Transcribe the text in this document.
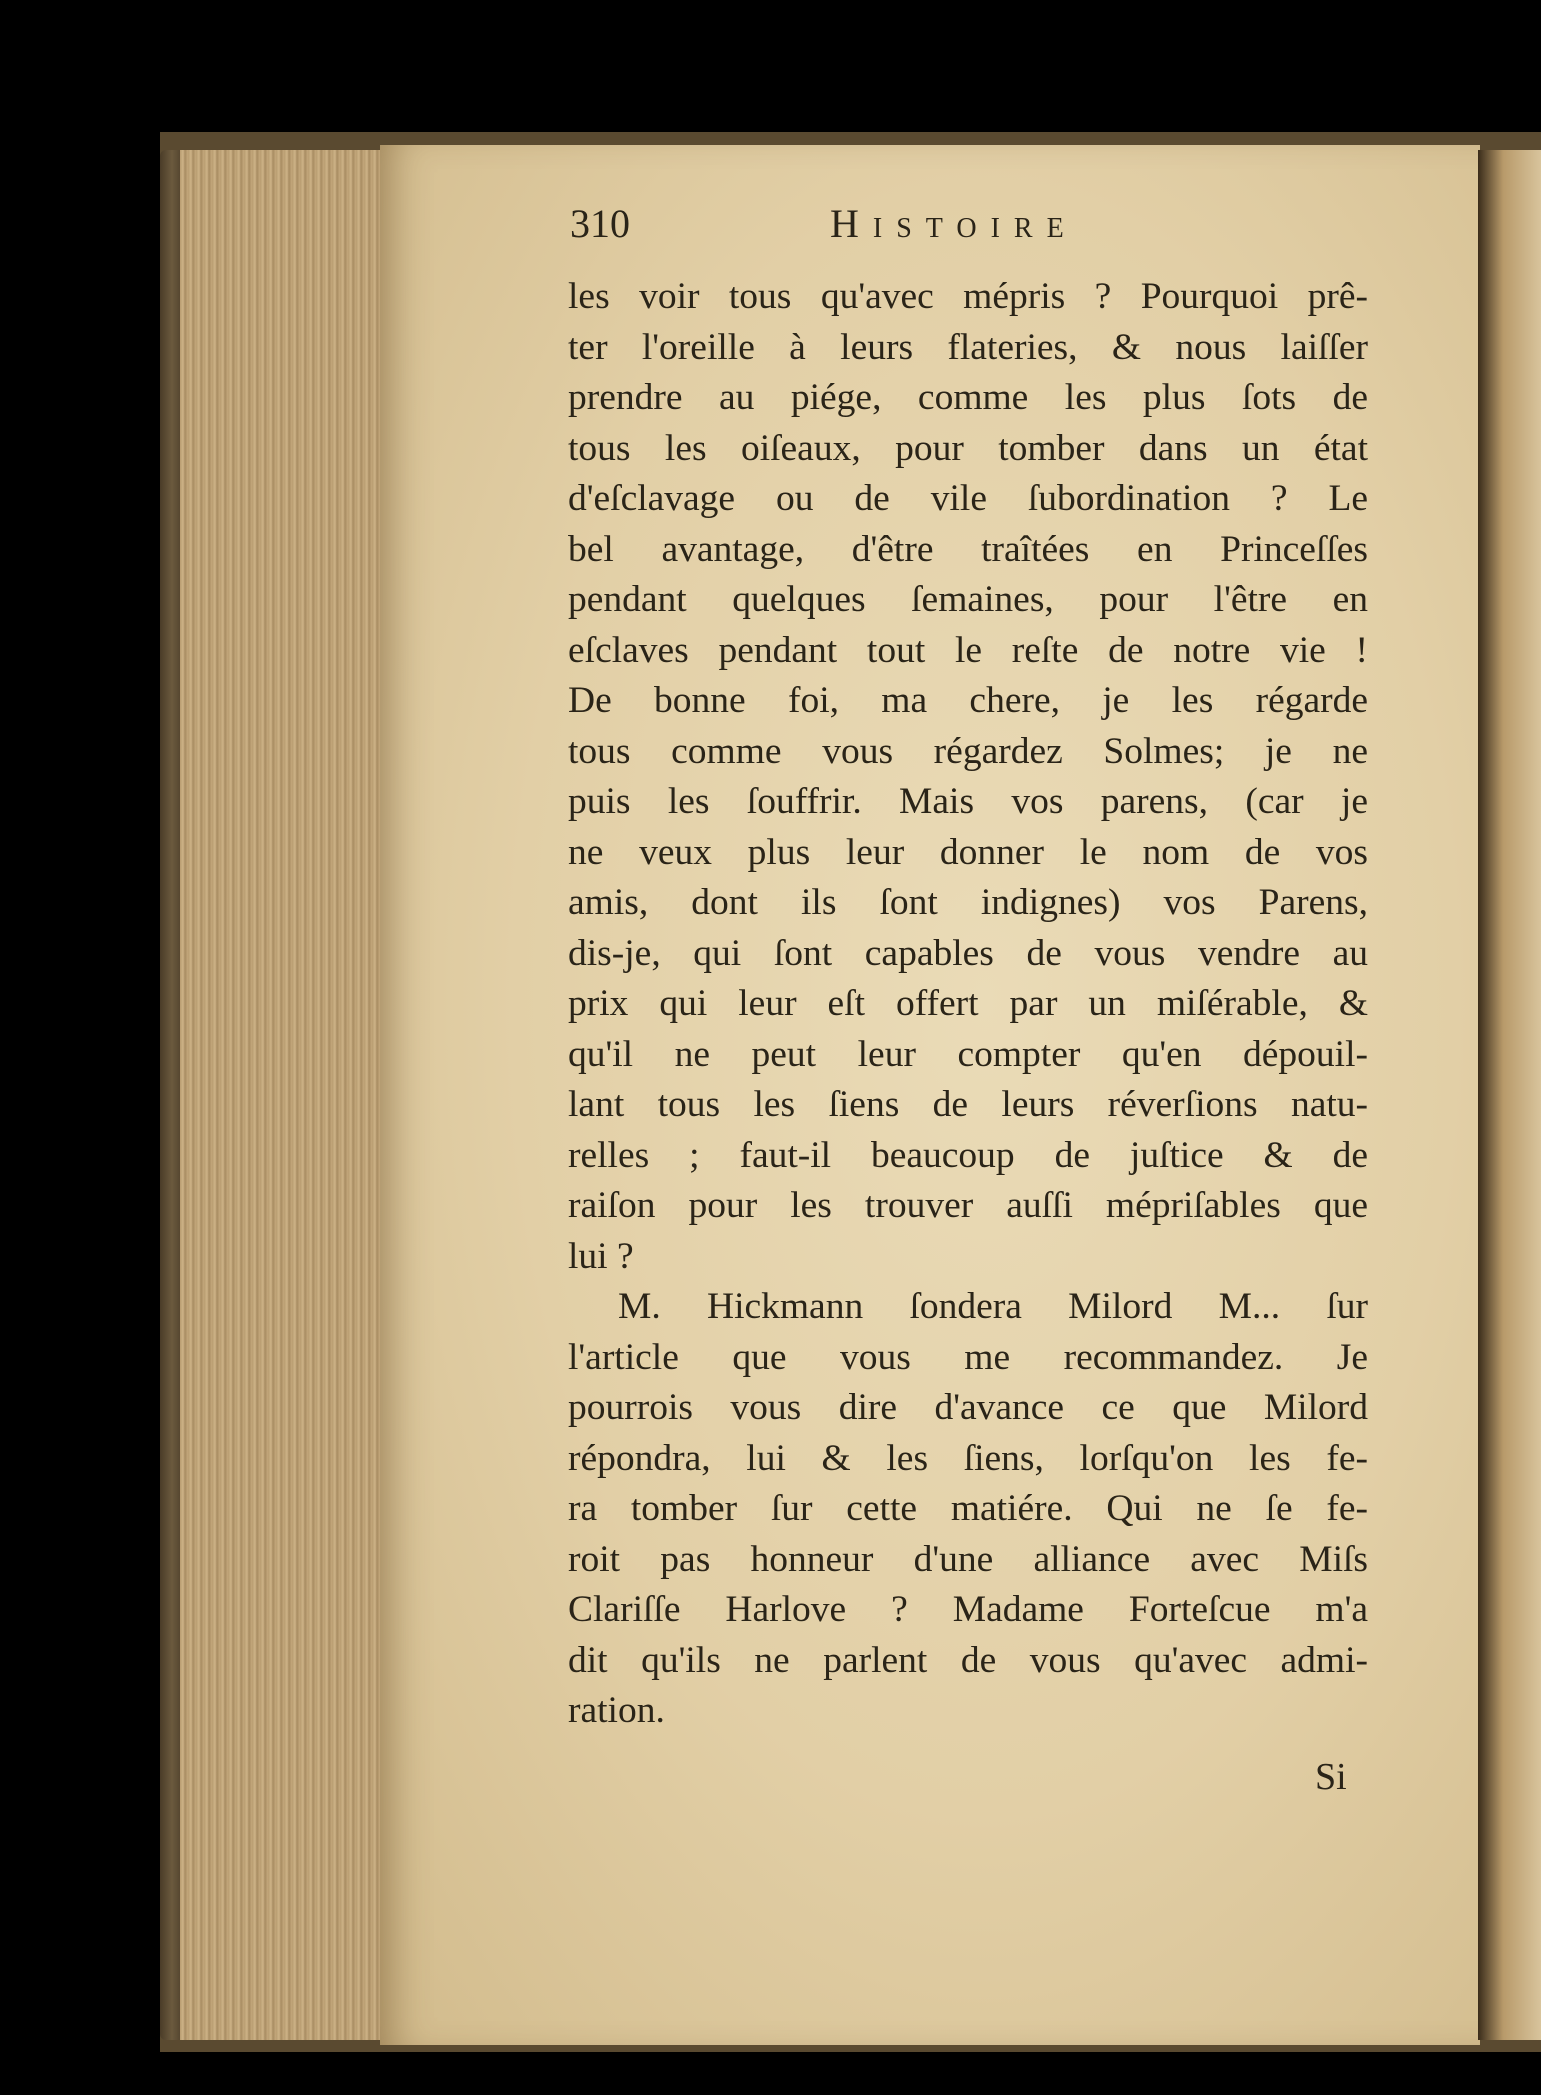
310	Histoire
les voir tous qu'avec mépris ? Pourquoi prê-
ter l'oreille à leurs flateries, & nous laiſſer
prendre au piége, comme les plus ſots de
tous les oiſeaux, pour tomber dans un état
d'eſclavage ou de vile ſubordination ? Le
bel avantage, d'être traîtées en Princeſſes
pendant quelques ſemaines, pour l'être en
eſclaves pendant tout le reſte de notre vie !
De bonne foi, ma chere, je les régarde
tous comme vous régardez Solmes; je ne
puis les ſouffrir. Mais vos parens, (car je
ne veux plus leur donner le nom de vos
amis, dont ils ſont indignes) vos Parens,
dis-je, qui ſont capables de vous vendre au
prix qui leur eſt offert par un miſérable, &
qu'il ne peut leur compter qu'en dépouil-
lant tous les ſiens de leurs réverſions natu-
relles ; faut-il beaucoup de juſtice & de
raiſon pour les trouver auſſi mépriſables que
lui ?
M. Hickmann ſondera Milord M... ſur
l'article que vous me recommandez. Je
pourrois vous dire d'avance ce que Milord
répondra, lui & les ſiens, lorſqu'on les fe-
ra tomber ſur cette matiére. Qui ne ſe fe-
roit pas honneur d'une alliance avec Miſs
Clariſſe Harlove ? Madame Forteſcue m'a
dit qu'ils ne parlent de vous qu'avec admi-
ration.
Si
